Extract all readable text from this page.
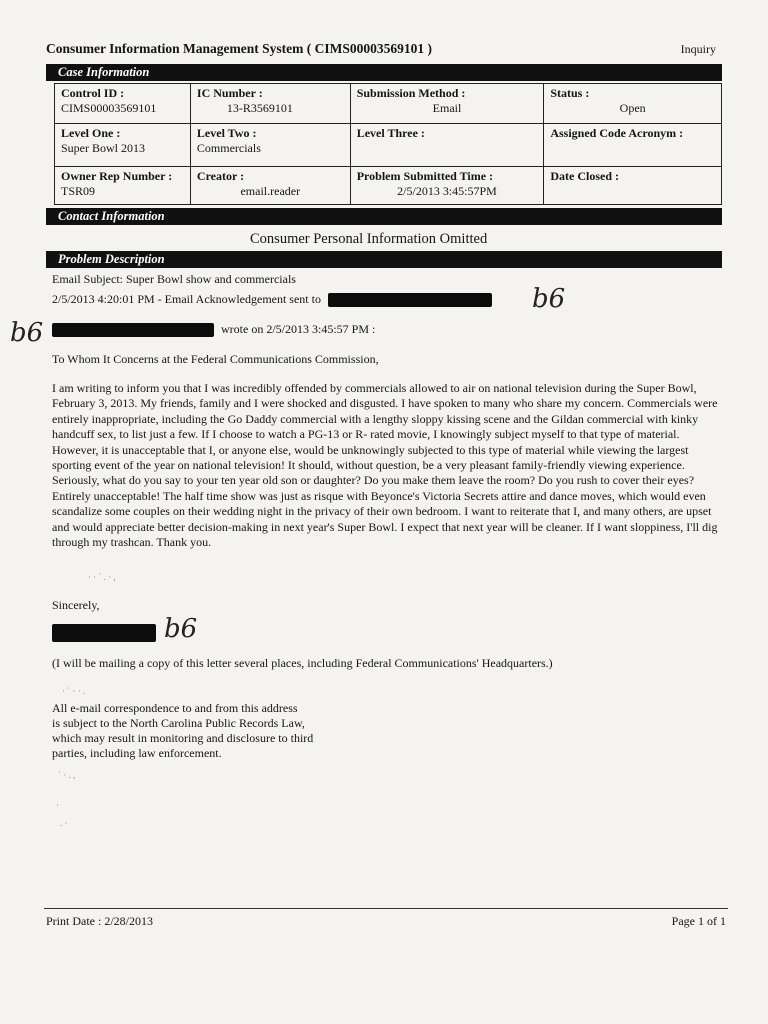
Consumer Information Management System ( CIMS00003569101 )	Inquiry
Case Information
Control ID :
CIMS00003569101	IC Number :
13-R3569101	Submission Method :
Email	Status :
Open

Level One :
Super Bowl 2013	Level Two :
Commercials	Level Three :	Assigned Code Acronym :

Owner Rep Number :
TSR09	Creator :
email.reader	Problem Submitted Time :
2/5/2013 3:45:57PM	Date Closed :
Contact Information
Consumer Personal Information Omitted
Problem Description
Email Subject: Super Bowl show and commercials
2/5/2013 4:20:01 PM - Email Acknowledgement sent to	b6
b6	wrote on 2/5/2013 3:45:57 PM :
To Whom It Concerns at the Federal Communications Commission,
I am writing to inform you that I was incredibly offended by commercials allowed to air on national television during the Super Bowl, February 3, 2013. My friends, family and I were shocked and disgusted. I have spoken to many who share my concern. Commercials were entirely inappropriate, including the Go Daddy commercial with a lengthy sloppy kissing scene and the Gildan commercial with kinky handcuff sex, to list just a few. If I choose to watch a PG-13 or R- rated movie, I knowingly subject myself to that type of material. However, it is unacceptable that I, or anyone else, would be unknowingly subjected to this type of material while viewing the largest sporting event of the year on national television! It should, without question, be a very pleasant family-friendly viewing experience. Seriously, what do you say to your ten year old son or daughter? Do you make them leave the room? Do you rush to cover their eyes? Entirely unacceptable! The half time show was just as risque with Beyonce's Victoria Secrets attire and dance moves, which would even scandalize some couples on their wedding night in the privacy of their own bedroom. I want to reiterate that I, and many others, are upset and would appreciate better decision-making in next year's Super Bowl. I expect that next year will be cleaner. If I want sloppiness, I'll dig through my trashcan. Thank you.
Sincerely,
b6
(I will be mailing a copy of this letter several places, including Federal Communications' Headquarters.)
All e-mail correspondence to and from this address
is subject to the North Carolina Public Records Law,
which may result in monitoring and disclosure to third
parties, including law enforcement.
· · ˙ . · ,
· ˙ · · .
˙ · . ,
·
. ·
Print Date : 2/28/2013	Page 1 of 1
